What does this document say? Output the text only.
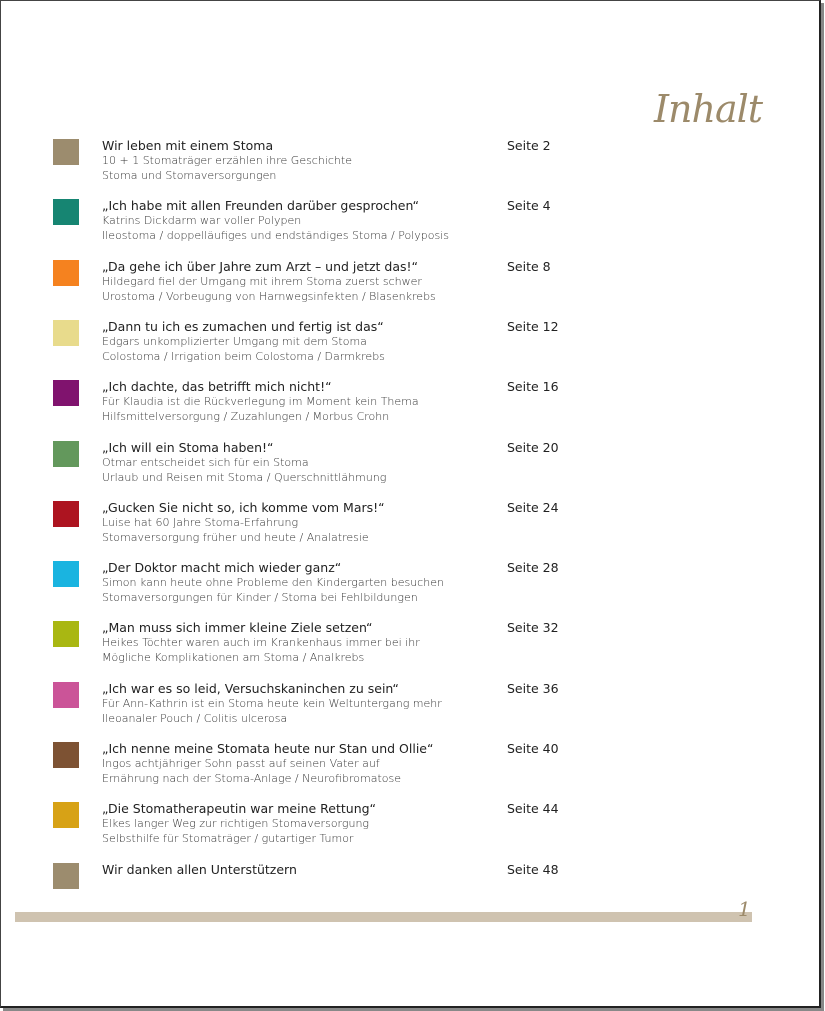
Inhalt
Wir leben mit einem Stoma
10 + 1 Stomaträger erzählen ihre Geschichte
Stoma und Stomaversorgungen
Seite 2
„Ich habe mit allen Freunden darüber gesprochen“
Katrins Dickdarm war voller Polypen
Ileostoma / doppelläufiges und endständiges Stoma / Polyposis
Seite 4
„Da gehe ich über Jahre zum Arzt – und jetzt das!“
Hildegard fiel der Umgang mit ihrem Stoma zuerst schwer
Urostoma / Vorbeugung von Harnwegsinfekten / Blasenkrebs
Seite 8
„Dann tu ich es zumachen und fertig ist das“
Edgars unkomplizierter Umgang mit dem Stoma
Colostoma / Irrigation beim Colostoma / Darmkrebs
Seite 12
„Ich dachte, das betrifft mich nicht!“
Für Klaudia ist die Rückverlegung im Moment kein Thema
Hilfsmittelversorgung / Zuzahlungen / Morbus Crohn
Seite 16
„Ich will ein Stoma haben!“
Otmar entscheidet sich für ein Stoma
Urlaub und Reisen mit Stoma / Querschnittlähmung
Seite 20
„Gucken Sie nicht so, ich komme vom Mars!“
Luise hat 60 Jahre Stoma-Erfahrung
Stomaversorgung früher und heute / Analatresie
Seite 24
„Der Doktor macht mich wieder ganz“
Simon kann heute ohne Probleme den Kindergarten besuchen
Stomaversorgungen für Kinder / Stoma bei Fehlbildungen
Seite 28
„Man muss sich immer kleine Ziele setzen“
Heikes Töchter waren auch im Krankenhaus immer bei ihr
Mögliche Komplikationen am Stoma / Analkrebs
Seite 32
„Ich war es so leid, Versuchskaninchen zu sein“
Für Ann-Kathrin ist ein Stoma heute kein Weltuntergang mehr
Ileoanaler Pouch / Colitis ulcerosa
Seite 36
„Ich nenne meine Stomata heute nur Stan und Ollie“
Ingos achtjähriger Sohn passt auf seinen Vater auf
Ernährung nach der Stoma-Anlage / Neurofibromatose
Seite 40
„Die Stomatherapeutin war meine Rettung“
Elkes langer Weg zur richtigen Stomaversorgung
Selbsthilfe für Stomaträger / gutartiger Tumor
Seite 44
Wir danken allen Unterstützern	Seite 48
1
